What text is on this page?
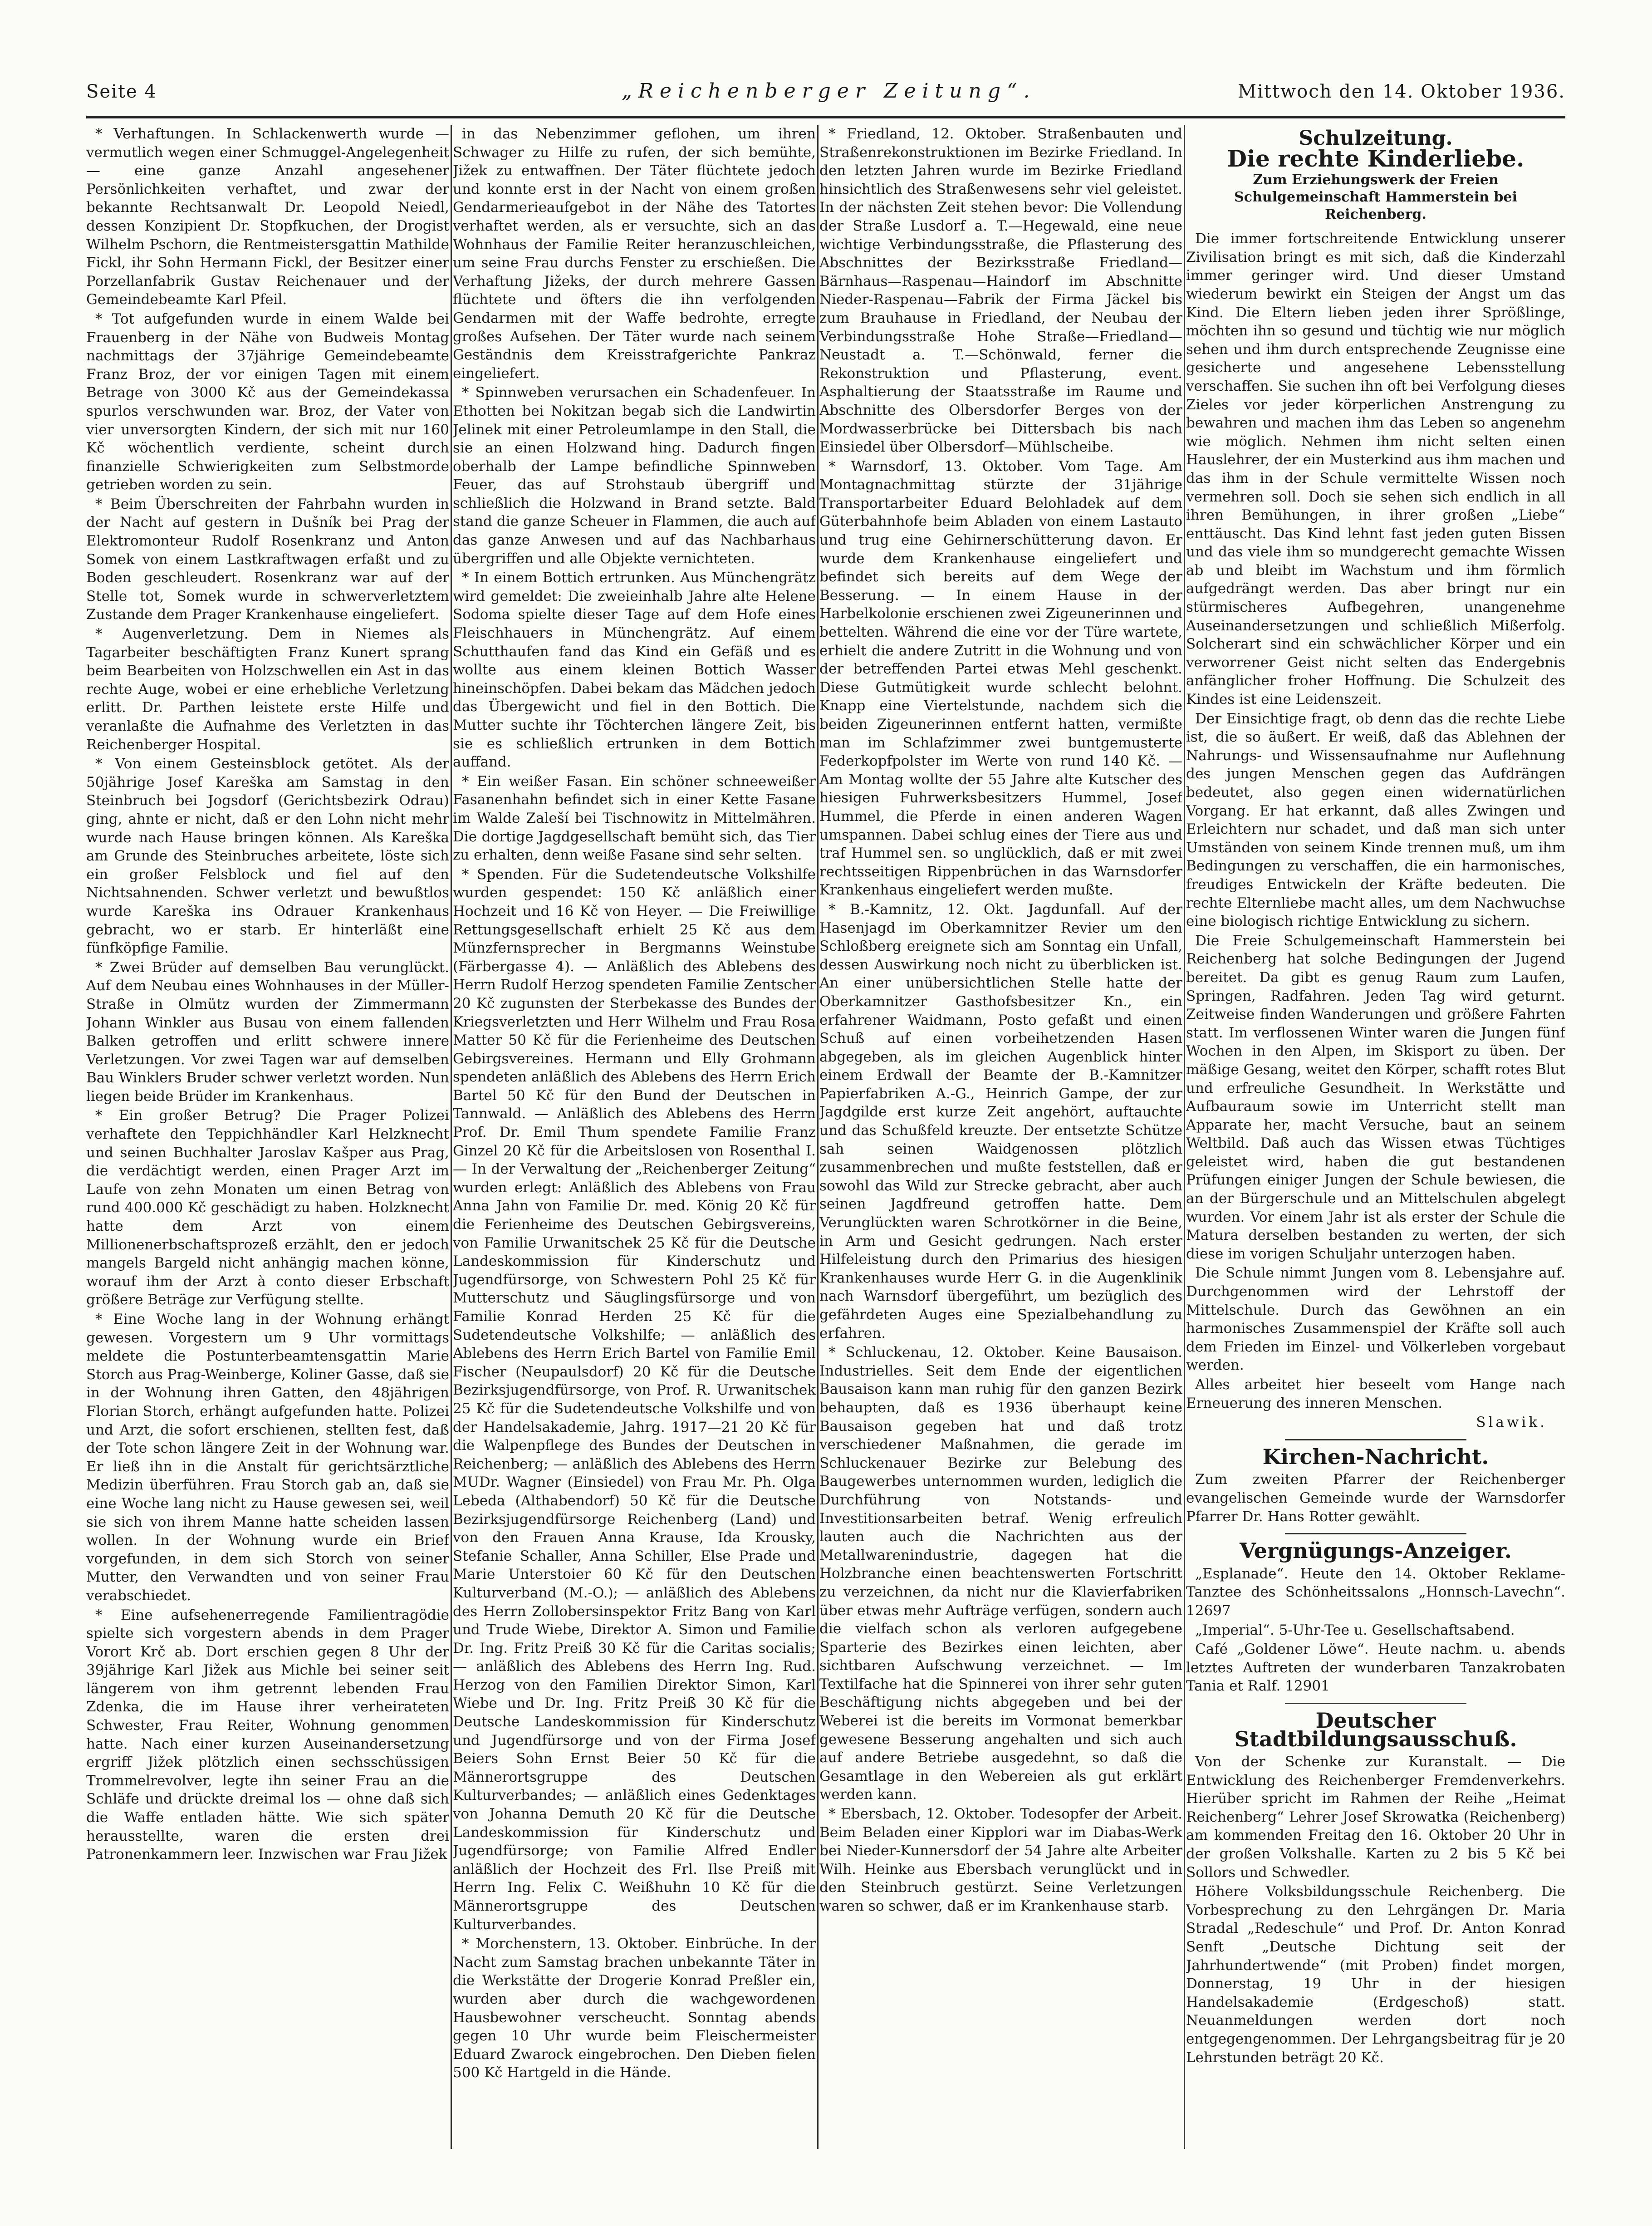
Seite 4	„Reichenberger Zeitung“.	Mittwoch den 14. Oktober 1936.

* Verhaftungen. In Schlackenwerth wurde — vermutlich wegen einer Schmuggel-Angelegenheit — eine ganze Anzahl angesehener Persönlichkeiten verhaftet, und zwar der bekannte Rechtsanwalt Dr. Leopold Neiedl, dessen Konzipient Dr. Stopfkuchen, der Drogist Wilhelm Pschorn, die Rentmeistersgattin Mathilde Fickl, ihr Sohn Hermann Fickl, der Besitzer einer Porzellanfabrik Gustav Reichenauer und der Gemeindebeamte Karl Pfeil.

* Tot aufgefunden wurde in einem Walde bei Frauenberg in der Nähe von Budweis Montag nachmittags der 37jährige Gemeindebeamte Franz Broz, der vor einigen Tagen mit einem Betrage von 3000 Kč aus der Gemeindekassa spurlos verschwunden war. Broz, der Vater von vier unversorgten Kindern, der sich mit nur 160 Kč wöchentlich verdiente, scheint durch finanzielle Schwierigkeiten zum Selbstmorde getrieben worden zu sein.

* Beim Überschreiten der Fahrbahn wurden in der Nacht auf gestern in Dušník bei Prag der Elektromonteur Rudolf Rosenkranz und Anton Somek von einem Lastkraftwagen erfaßt und zu Boden geschleudert. Rosenkranz war auf der Stelle tot, Somek wurde in schwerverletztem Zustande dem Prager Krankenhause eingeliefert.

* Augenverletzung. Dem in Niemes als Tagarbeiter beschäftigten Franz Kunert sprang beim Bearbeiten von Holzschwellen ein Ast in das rechte Auge, wobei er eine erhebliche Verletzung erlitt. Dr. Parthen leistete erste Hilfe und veranlaßte die Aufnahme des Verletzten in das Reichenberger Hospital.

* Von einem Gesteinsblock getötet. Als der 50jährige Josef Kareška am Samstag in den Steinbruch bei Jogsdorf (Gerichtsbezirk Odrau) ging, ahnte er nicht, daß er den Lohn nicht mehr wurde nach Hause bringen können. Als Kareška am Grunde des Steinbruches arbeitete, löste sich ein großer Felsblock und fiel auf den Nichtsahnenden. Schwer verletzt und bewußtlos wurde Kareška ins Odrauer Krankenhaus gebracht, wo er starb. Er hinterläßt eine fünfköpfige Familie.

* Zwei Brüder auf demselben Bau verunglückt. Auf dem Neubau eines Wohnhauses in der Müller-Straße in Olmütz wurden der Zimmermann Johann Winkler aus Busau von einem fallenden Balken getroffen und erlitt schwere innere Verletzungen. Vor zwei Tagen war auf demselben Bau Winklers Bruder schwer verletzt worden. Nun liegen beide Brüder im Krankenhaus.

* Ein großer Betrug? Die Prager Polizei verhaftete den Teppichhändler Karl Helzknecht und seinen Buchhalter Jaroslav Kašper aus Prag, die verdächtigt werden, einen Prager Arzt im Laufe von zehn Monaten um einen Betrag von rund 400.000 Kč geschädigt zu haben. Holzknecht hatte dem Arzt von einem Millionenerbschaftsprozeß erzählt, den er jedoch mangels Bargeld nicht anhängig machen könne, worauf ihm der Arzt à conto dieser Erbschaft größere Beträge zur Verfügung stellte.

* Eine Woche lang in der Wohnung erhängt gewesen. Vorgestern um 9 Uhr vormittags meldete die Postunterbeamtensgattin Marie Storch aus Prag-Weinberge, Koliner Gasse, daß sie in der Wohnung ihren Gatten, den 48jährigen Florian Storch, erhängt aufgefunden hatte. Polizei und Arzt, die sofort erschienen, stellten fest, daß der Tote schon längere Zeit in der Wohnung war. Er ließ ihn in die Anstalt für gerichtsärztliche Medizin überführen. Frau Storch gab an, daß sie eine Woche lang nicht zu Hause gewesen sei, weil sie sich von ihrem Manne hatte scheiden lassen wollen. In der Wohnung wurde ein Brief vorgefunden, in dem sich Storch von seiner Mutter, den Verwandten und von seiner Frau verabschiedet.

* Eine aufsehenerregende Familientragödie spielte sich vorgestern abends in dem Prager Vorort Krč ab. Dort erschien gegen 8 Uhr der 39jährige Karl Jižek aus Michle bei seiner seit längerem von ihm getrennt lebenden Frau Zdenka, die im Hause ihrer verheirateten Schwester, Frau Reiter, Wohnung genommen hatte. Nach einer kurzen Auseinandersetzung ergriff Jižek plötzlich einen sechsschüssigen Trommelrevolver, legte ihn seiner Frau an die Schläfe und drückte dreimal los — ohne daß sich die Waffe entladen hätte. Wie sich später herausstellte, waren die ersten drei Patronenkammern leer. Inzwischen war Frau Jižek

in das Nebenzimmer geflohen, um ihren Schwager zu Hilfe zu rufen, der sich bemühte, Jižek zu entwaffnen. Der Täter flüchtete jedoch und konnte erst in der Nacht von einem großen Gendarmerieaufgebot in der Nähe des Tatortes verhaftet werden, als er versuchte, sich an das Wohnhaus der Familie Reiter heranzuschleichen, um seine Frau durchs Fenster zu erschießen. Die Verhaftung Jižeks, der durch mehrere Gassen flüchtete und öfters die ihn verfolgenden Gendarmen mit der Waffe bedrohte, erregte großes Aufsehen. Der Täter wurde nach seinem Geständnis dem Kreisstrafgerichte Pankraz eingeliefert.

* Spinnweben verursachen ein Schadenfeuer. In Ethotten bei Nokitzan begab sich die Landwirtin Jelinek mit einer Petroleumlampe in den Stall, die sie an einen Holzwand hing. Dadurch fingen oberhalb der Lampe befindliche Spinnweben Feuer, das auf Strohstaub übergriff und schließlich die Holzwand in Brand setzte. Bald stand die ganze Scheuer in Flammen, die auch auf das ganze Anwesen und auf das Nachbarhaus übergriffen und alle Objekte vernichteten.

* In einem Bottich ertrunken. Aus Münchengrätz wird gemeldet: Die zweieinhalb Jahre alte Helene Sodoma spielte dieser Tage auf dem Hofe eines Fleischhauers in Münchengrätz. Auf einem Schutthaufen fand das Kind ein Gefäß und es wollte aus einem kleinen Bottich Wasser hineinschöpfen. Dabei bekam das Mädchen jedoch das Übergewicht und fiel in den Bottich. Die Mutter suchte ihr Töchterchen längere Zeit, bis sie es schließlich ertrunken in dem Bottich auffand.

* Ein weißer Fasan. Ein schöner schneeweißer Fasanenhahn befindet sich in einer Kette Fasane im Walde Zaleší bei Tischnowitz in Mittelmähren. Die dortige Jagdgesellschaft bemüht sich, das Tier zu erhalten, denn weiße Fasane sind sehr selten.

* Spenden. Für die Sudetendeutsche Volkshilfe wurden gespendet: 150 Kč anläßlich einer Hochzeit und 16 Kč von Heyer. — Die Freiwillige Rettungsgesellschaft erhielt 25 Kč aus dem Münzfernsprecher in Bergmanns Weinstube (Färbergasse 4). — Anläßlich des Ablebens des Herrn Rudolf Herzog spendeten Familie Zentscher 20 Kč zugunsten der Sterbekasse des Bundes der Kriegsverletzten und Herr Wilhelm und Frau Rosa Matter 50 Kč für die Ferienheime des Deutschen Gebirgsvereines. Hermann und Elly Grohmann spendeten anläßlich des Ablebens des Herrn Erich Bartel 50 Kč für den Bund der Deutschen in Tannwald. — Anläßlich des Ablebens des Herrn Prof. Dr. Emil Thum spendete Familie Franz Ginzel 20 Kč für die Arbeitslosen von Rosenthal I. — In der Verwaltung der „Reichenberger Zeitung“ wurden erlegt: Anläßlich des Ablebens von Frau Anna Jahn von Familie Dr. med. König 20 Kč für die Ferienheime des Deutschen Gebirgsvereins, von Familie Urwanitschek 25 Kč für die Deutsche Landeskommission für Kinderschutz und Jugendfürsorge, von Schwestern Pohl 25 Kč für Mutterschutz und Säuglingsfürsorge und von Familie Konrad Herden 25 Kč für die Sudetendeutsche Volkshilfe; — anläßlich des Ablebens des Herrn Erich Bartel von Familie Emil Fischer (Neupaulsdorf) 20 Kč für die Deutsche Bezirksjugendfürsorge, von Prof. R. Urwanitschek 25 Kč für die Sudetendeutsche Volkshilfe und von der Handelsakademie, Jahrg. 1917—21 20 Kč für die Walpenpflege des Bundes der Deutschen in Reichenberg; — anläßlich des Ablebens des Herrn MUDr. Wagner (Einsiedel) von Frau Mr. Ph. Olga Lebeda (Althabendorf) 50 Kč für die Deutsche Bezirksjugendfürsorge Reichenberg (Land) und von den Frauen Anna Krause, Ida Krousky, Stefanie Schaller, Anna Schiller, Else Prade und Marie Unterstoier 60 Kč für den Deutschen Kulturverband (M.-O.); — anläßlich des Ablebens des Herrn Zollobersinspektor Fritz Bang von Karl und Trude Wiebe, Direktor A. Simon und Familie Dr. Ing. Fritz Preiß 30 Kč für die Caritas socialis; — anläßlich des Ablebens des Herrn Ing. Rud. Herzog von den Familien Direktor Simon, Karl Wiebe und Dr. Ing. Fritz Preiß 30 Kč für die Deutsche Landeskommission für Kinderschutz und Jugendfürsorge und von der Firma Josef Beiers Sohn Ernst Beier 50 Kč für die Männerortsgruppe des Deutschen Kulturverbandes; — anläßlich eines Gedenktages von Johanna Demuth 20 Kč für die Deutsche Landeskommission für Kinderschutz und Jugendfürsorge; von Familie Alfred Endler anläßlich der Hochzeit des Frl. Ilse Preiß mit Herrn Ing. Felix C. Weißhuhn 10 Kč für die Männerortsgruppe des Deutschen Kulturverbandes.

* Morchenstern, 13. Oktober. Einbrüche. In der Nacht zum Samstag brachen unbekannte Täter in die Werkstätte der Drogerie Konrad Preßler ein, wurden aber durch die wachgewordenen Hausbewohner verscheucht. Sonntag abends gegen 10 Uhr wurde beim Fleischermeister Eduard Zwarock eingebrochen. Den Dieben fielen 500 Kč Hartgeld in die Hände.

* Friedland, 12. Oktober. Straßenbauten und Straßenrekonstruktionen im Bezirke Friedland. In den letzten Jahren wurde im Bezirke Friedland hinsichtlich des Straßenwesens sehr viel geleistet. In der nächsten Zeit stehen bevor: Die Vollendung der Straße Lusdorf a. T.—Hegewald, eine neue wichtige Verbindungsstraße, die Pflasterung des Abschnittes der Bezirksstraße Friedland—Bärnhaus—Raspenau—Haindorf im Abschnitte Nieder-Raspenau—Fabrik der Firma Jäckel bis zum Brauhause in Friedland, der Neubau der Verbindungsstraße Hohe Straße—Friedland—Neustadt a. T.—Schönwald, ferner die Rekonstruktion und Pflasterung, event. Asphaltierung der Staatsstraße im Raume und Abschnitte des Olbersdorfer Berges von der Mordwasserbrücke bei Dittersbach bis nach Einsiedel über Olbersdorf—Mühlscheibe.

* Warnsdorf, 13. Oktober. Vom Tage. Am Montagnachmittag stürzte der 31jährige Transportarbeiter Eduard Belohladek auf dem Güterbahnhofe beim Abladen von einem Lastauto und trug eine Gehirnerschütterung davon. Er wurde dem Krankenhause eingeliefert und befindet sich bereits auf dem Wege der Besserung. — In einem Hause in der Harbelkolonie erschienen zwei Zigeunerinnen und bettelten. Während die eine vor der Türe wartete, erhielt die andere Zutritt in die Wohnung und von der betreffenden Partei etwas Mehl geschenkt. Diese Gutmütigkeit wurde schlecht belohnt. Knapp eine Viertelstunde, nachdem sich die beiden Zigeunerinnen entfernt hatten, vermißte man im Schlafzimmer zwei buntgemusterte Federkopfpolster im Werte von rund 140 Kč. — Am Montag wollte der 55 Jahre alte Kutscher des hiesigen Fuhrwerksbesitzers Hummel, Josef Hummel, die Pferde in einen anderen Wagen umspannen. Dabei schlug eines der Tiere aus und traf Hummel sen. so unglücklich, daß er mit zwei rechtsseitigen Rippenbrüchen in das Warnsdorfer Krankenhaus eingeliefert werden mußte.

* B.-Kamnitz, 12. Okt. Jagdunfall. Auf der Hasenjagd im Oberkamnitzer Revier um den Schloßberg ereignete sich am Sonntag ein Unfall, dessen Auswirkung noch nicht zu überblicken ist. An einer unübersichtlichen Stelle hatte der Oberkamnitzer Gasthofsbesitzer Kn., ein erfahrener Waidmann, Posto gefaßt und einen Schuß auf einen vorbeihetzenden Hasen abgegeben, als im gleichen Augenblick hinter einem Erdwall der Beamte der B.-Kamnitzer Papierfabriken A.-G., Heinrich Gampe, der zur Jagdgilde erst kurze Zeit angehört, auftauchte und das Schußfeld kreuzte. Der entsetzte Schütze sah seinen Waidgenossen plötzlich zusammenbrechen und mußte feststellen, daß er sowohl das Wild zur Strecke gebracht, aber auch seinen Jagdfreund getroffen hatte. Dem Verunglückten waren Schrotkörner in die Beine, in Arm und Gesicht gedrungen. Nach erster Hilfeleistung durch den Primarius des hiesigen Krankenhauses wurde Herr G. in die Augenklinik nach Warnsdorf übergeführt, um bezüglich des gefährdeten Auges eine Spezialbehandlung zu erfahren.

* Schluckenau, 12. Oktober. Keine Bausaison. Industrielles. Seit dem Ende der eigentlichen Bausaison kann man ruhig für den ganzen Bezirk behaupten, daß es 1936 überhaupt keine Bausaison gegeben hat und daß trotz verschiedener Maßnahmen, die gerade im Schluckenauer Bezirke zur Belebung des Baugewerbes unternommen wurden, lediglich die Durchführung von Notstands- und Investitionsarbeiten betraf. Wenig erfreulich lauten auch die Nachrichten aus der Metallwarenindustrie, dagegen hat die Holzbranche einen beachtenswerten Fortschritt zu verzeichnen, da nicht nur die Klavierfabriken über etwas mehr Aufträge verfügen, sondern auch die vielfach schon als verloren aufgegebene Sparterie des Bezirkes einen leichten, aber sichtbaren Aufschwung verzeichnet. — Im Textilfache hat die Spinnerei von ihrer sehr guten Beschäftigung nichts abgegeben und bei der Weberei ist die bereits im Vormonat bemerkbar gewesene Besserung angehalten und sich auch auf andere Betriebe ausgedehnt, so daß die Gesamtlage in den Webereien als gut erklärt werden kann.

* Ebersbach, 12. Oktober. Todesopfer der Arbeit. Beim Beladen einer Kipplori war im Diabas-Werk bei Nieder-Kunnersdorf der 54 Jahre alte Arbeiter Wilh. Heinke aus Ebersbach verunglückt und in den Steinbruch gestürzt. Seine Verletzungen waren so schwer, daß er im Krankenhause starb.

Schulzeitung.
Die rechte Kinderliebe.
Zum Erziehungswerk der Freien Schulgemeinschaft Hammerstein bei Reichenberg.

Die immer fortschreitende Entwicklung unserer Zivilisation bringt es mit sich, daß die Kinderzahl immer geringer wird. Und dieser Umstand wiederum bewirkt ein Steigen der Angst um das Kind. Die Eltern lieben jeden ihrer Sprößlinge, möchten ihn so gesund und tüchtig wie nur möglich sehen und ihm durch entsprechende Zeugnisse eine gesicherte und angesehene Lebensstellung verschaffen. Sie suchen ihn oft bei Verfolgung dieses Zieles vor jeder körperlichen Anstrengung zu bewahren und machen ihm das Leben so angenehm wie möglich. Nehmen ihm nicht selten einen Hauslehrer, der ein Musterkind aus ihm machen und das ihm in der Schule vermittelte Wissen noch vermehren soll. Doch sie sehen sich endlich in all ihren Bemühungen, in ihrer großen „Liebe“ enttäuscht. Das Kind lehnt fast jeden guten Bissen und das viele ihm so mundgerecht gemachte Wissen ab und bleibt im Wachstum und ihm förmlich aufgedrängt werden. Das aber bringt nur ein stürmischeres Aufbegehren, unangenehme Auseinandersetzungen und schließlich Mißerfolg. Solcherart sind ein schwächlicher Körper und ein verworrener Geist nicht selten das Endergebnis anfänglicher froher Hoffnung. Die Schulzeit des Kindes ist eine Leidenszeit.

Der Einsichtige fragt, ob denn das die rechte Liebe ist, die so äußert. Er weiß, daß das Ablehnen der Nahrungs- und Wissensaufnahme nur Auflehnung des jungen Menschen gegen das Aufdrängen bedeutet, also gegen einen widernatürlichen Vorgang. Er hat erkannt, daß alles Zwingen und Erleichtern nur schadet, und daß man sich unter Umständen von seinem Kinde trennen muß, um ihm Bedingungen zu verschaffen, die ein harmonisches, freudiges Entwickeln der Kräfte bedeuten. Die rechte Elternliebe macht alles, um dem Nachwuchse eine biologisch richtige Entwicklung zu sichern.

Die Freie Schulgemeinschaft Hammerstein bei Reichenberg hat solche Bedingungen der Jugend bereitet. Da gibt es genug Raum zum Laufen, Springen, Radfahren. Jeden Tag wird geturnt. Zeitweise finden Wanderungen und größere Fahrten statt. Im verflossenen Winter waren die Jungen fünf Wochen in den Alpen, im Skisport zu üben. Der mäßige Gesang, weitet den Körper, schafft rotes Blut und erfreuliche Gesundheit. In Werkstätte und Aufbauraum sowie im Unterricht stellt man Apparate her, macht Versuche, baut an seinem Weltbild. Daß auch das Wissen etwas Tüchtiges geleistet wird, haben die gut bestandenen Prüfungen einiger Jungen der Schule bewiesen, die an der Bürgerschule und an Mittelschulen abgelegt wurden. Vor einem Jahr ist als erster der Schule die Matura derselben bestanden zu werten, der sich diese im vorigen Schuljahr unterzogen haben.

Die Schule nimmt Jungen vom 8. Lebensjahre auf. Durchgenommen wird der Lehrstoff der Mittelschule. Durch das Gewöhnen an ein harmonisches Zusammenspiel der Kräfte soll auch dem Frieden im Einzel- und Völkerleben vorgebaut werden.

Alles arbeitet hier beseelt vom Hange nach Erneuerung des inneren Menschen.

Slawik.
Kirchen-Nachricht.

Zum zweiten Pfarrer der Reichenberger evangelischen Gemeinde wurde der Warnsdorfer Pfarrer Dr. Hans Rotter gewählt.

Vergnügungs-Anzeiger.

„Esplanade“. Heute den 14. Oktober Reklame-Tanztee des Schönheitssalons „Honnsch-Lavechn“. 12697

„Imperial“. 5-Uhr-Tee u. Gesellschaftsabend.

Café „Goldener Löwe“. Heute nachm. u. abends letztes Auftreten der wunderbaren Tanzakrobaten Tania et Ralf. 12901

Deutscher Stadtbildungsausschuß.

Von der Schenke zur Kuranstalt. — Die Entwicklung des Reichenberger Fremdenverkehrs. Hierüber spricht im Rahmen der Reihe „Heimat Reichenberg“ Lehrer Josef Skrowatka (Reichenberg) am kommenden Freitag den 16. Oktober 20 Uhr in der großen Volkshalle. Karten zu 2 bis 5 Kč bei Sollors und Schwedler.

Höhere Volksbildungsschule Reichenberg. Die Vorbesprechung zu den Lehrgängen Dr. Maria Stradal „Redeschule“ und Prof. Dr. Anton Konrad Senft „Deutsche Dichtung seit der Jahrhundertwende“ (mit Proben) findet morgen, Donnerstag, 19 Uhr in der hiesigen Handelsakademie (Erdgeschoß) statt. Neuanmeldungen werden dort noch entgegengenommen. Der Lehrgangsbeitrag für je 20 Lehrstunden beträgt 20 Kč.
